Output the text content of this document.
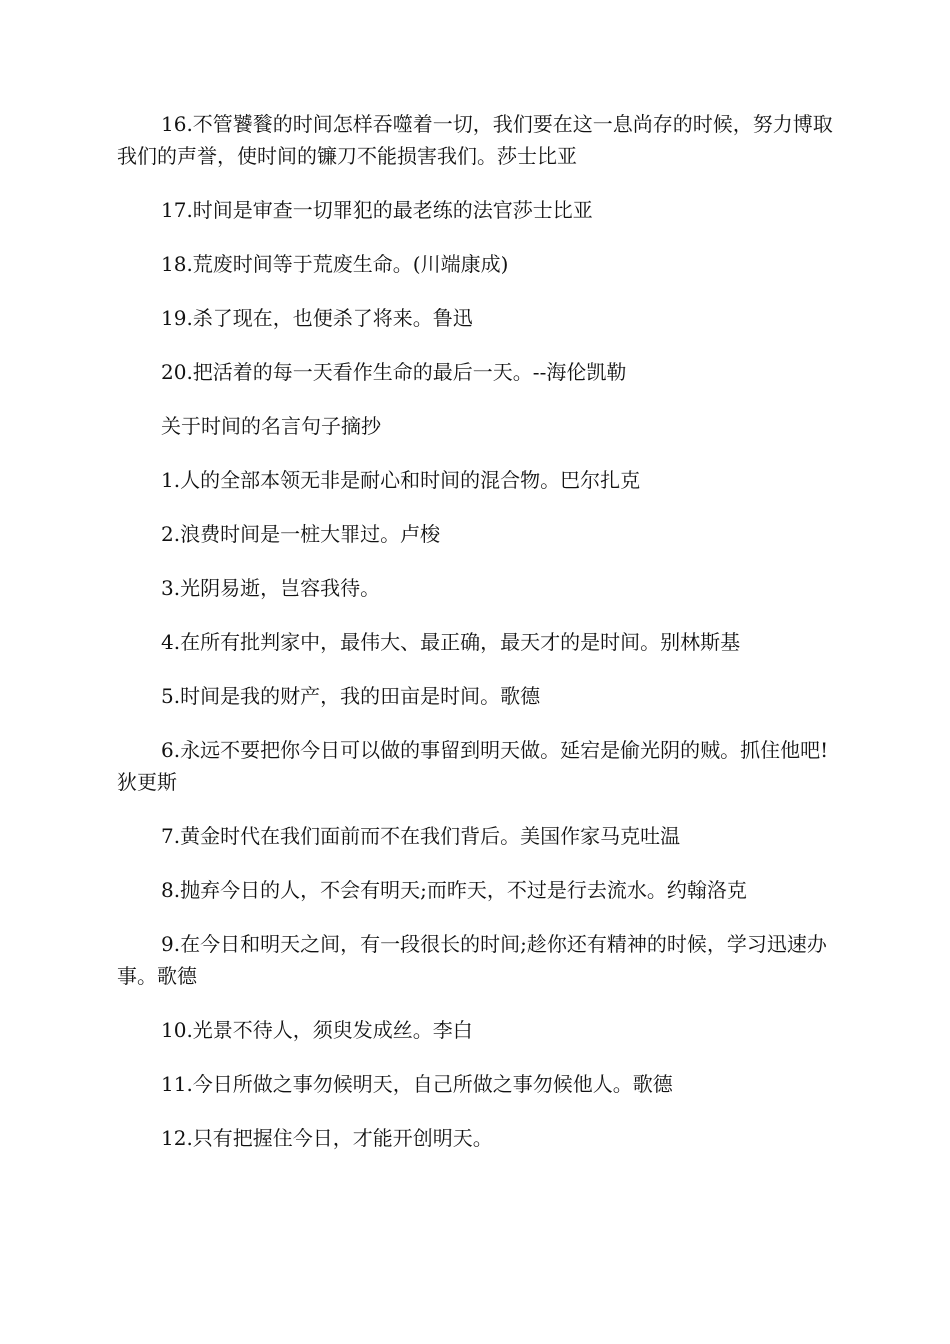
16.不管饕餮的时间怎样吞噬着一切，我们要在这一息尚存的时候，努力博取我们的声誉，使时间的镰刀不能损害我们。莎士比亚

17.时间是审查一切罪犯的最老练的法官莎士比亚

18.荒废时间等于荒废生命。(川端康成)

19.杀了现在，也便杀了将来。鲁迅

20.把活着的每一天看作生命的最后一天。--海伦凯勒

关于时间的名言句子摘抄

1.人的全部本领无非是耐心和时间的混合物。巴尔扎克

2.浪费时间是一桩大罪过。卢梭

3.光阴易逝，岂容我待。

4.在所有批判家中，最伟大、最正确，最天才的是时间。别林斯基

5.时间是我的财产，我的田亩是时间。歌德

6.永远不要把你今日可以做的事留到明天做。延宕是偷光阴的贼。抓住他吧!狄更斯

7.黄金时代在我们面前而不在我们背后。美国作家马克吐温

8.抛弃今日的人，不会有明天;而昨天，不过是行去流水。约翰洛克

9.在今日和明天之间，有一段很长的时间;趁你还有精神的时候，学习迅速办事。歌德

10.光景不待人，须臾发成丝。李白

11.今日所做之事勿候明天，自己所做之事勿候他人。歌德

12.只有把握住今日，才能开创明天。
